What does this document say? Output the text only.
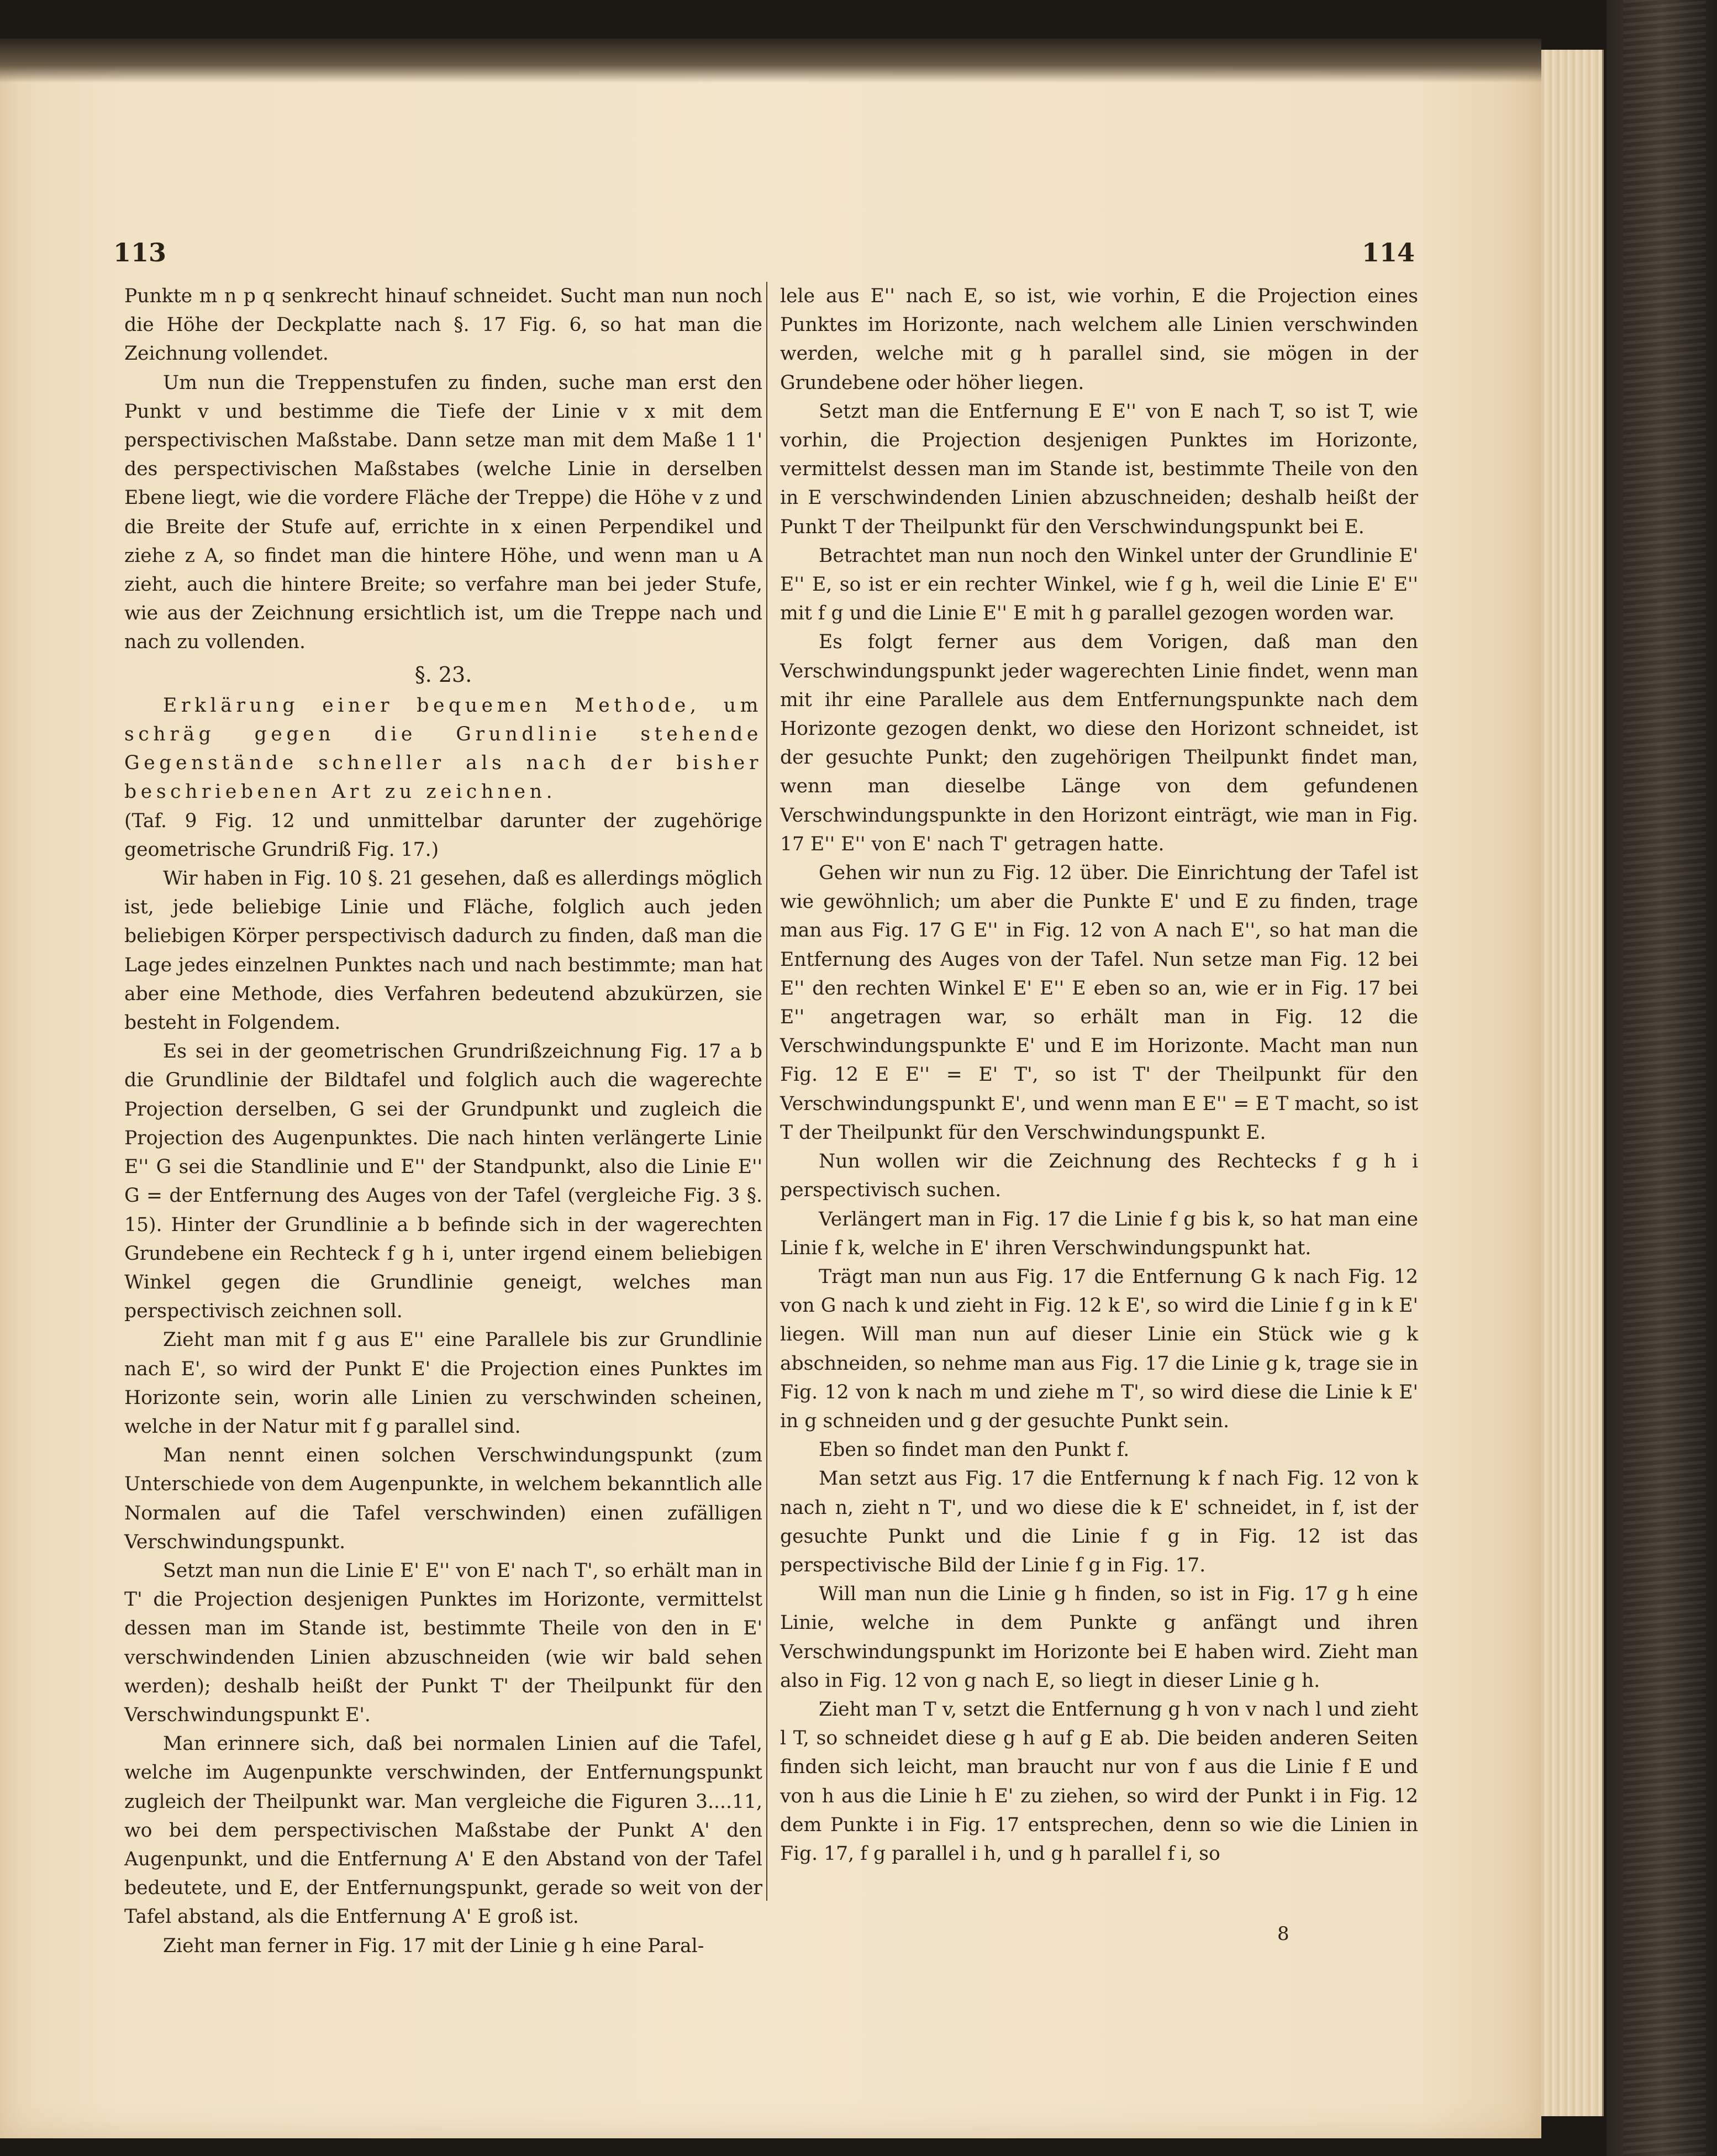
113	114

Punkte m n p q senkrecht hinauf schneidet. Sucht man nun noch die Höhe der Deckplatte nach §. 17 Fig. 6, so hat man die Zeichnung vollendet.

Um nun die Treppenstufen zu finden, suche man erst den Punkt v und bestimme die Tiefe der Linie v x mit dem perspectivischen Maßstabe. Dann setze man mit dem Maße 1 1' des perspectivischen Maßstabes (welche Linie in derselben Ebene liegt, wie die vordere Fläche der Treppe) die Höhe v z und die Breite der Stufe auf, errichte in x einen Perpendikel und ziehe z A, so findet man die hintere Höhe, und wenn man u A zieht, auch die hintere Breite; so verfahre man bei jeder Stufe, wie aus der Zeichnung ersichtlich ist, um die Treppe nach und nach zu vollenden.

§. 23.

Erklärung einer bequemen Methode, um schräg gegen die Grundlinie stehende Gegenstände schneller als nach der bisher beschriebenen Art zu zeichnen.

(Taf. 9 Fig. 12 und unmittelbar darunter der zugehörige geometrische Grundriß Fig. 17.)

Wir haben in Fig. 10 §. 21 gesehen, daß es allerdings möglich ist, jede beliebige Linie und Fläche, folglich auch jeden beliebigen Körper perspectivisch dadurch zu finden, daß man die Lage jedes einzelnen Punktes nach und nach bestimmte; man hat aber eine Methode, dies Verfahren bedeutend abzukürzen, sie besteht in Folgendem.

Es sei in der geometrischen Grundrißzeichnung Fig. 17 a b die Grundlinie der Bildtafel und folglich auch die wagerechte Projection derselben, G sei der Grundpunkt und zugleich die Projection des Augenpunktes. Die nach hinten verlängerte Linie E'' G sei die Standlinie und E'' der Standpunkt, also die Linie E'' G = der Entfernung des Auges von der Tafel (vergleiche Fig. 3 §. 15). Hinter der Grundlinie a b befinde sich in der wagerechten Grundebene ein Rechteck f g h i, unter irgend einem beliebigen Winkel gegen die Grundlinie geneigt, welches man perspectivisch zeichnen soll.

Zieht man mit f g aus E'' eine Parallele bis zur Grundlinie nach E', so wird der Punkt E' die Projection eines Punktes im Horizonte sein, worin alle Linien zu verschwinden scheinen, welche in der Natur mit f g parallel sind.

Man nennt einen solchen Verschwindungspunkt (zum Unterschiede von dem Augenpunkte, in welchem bekanntlich alle Normalen auf die Tafel verschwinden) einen zufälligen Verschwindungspunkt.

Setzt man nun die Linie E' E'' von E' nach T', so erhält man in T' die Projection desjenigen Punktes im Horizonte, vermittelst dessen man im Stande ist, bestimmte Theile von den in E' verschwindenden Linien abzuschneiden (wie wir bald sehen werden); deshalb heißt der Punkt T' der Theilpunkt für den Verschwindungspunkt E'.

Man erinnere sich, daß bei normalen Linien auf die Tafel, welche im Augenpunkte verschwinden, der Entfernungspunkt zugleich der Theilpunkt war. Man vergleiche die Figuren 3....11, wo bei dem perspectivischen Maßstabe der Punkt A' den Augenpunkt, und die Entfernung A' E den Abstand von der Tafel bedeutete, und E, der Entfernungspunkt, gerade so weit von der Tafel abstand, als die Entfernung A' E groß ist.

Zieht man ferner in Fig. 17 mit der Linie g h eine Paral-

lele aus E'' nach E, so ist, wie vorhin, E die Projection eines Punktes im Horizonte, nach welchem alle Linien verschwinden werden, welche mit g h parallel sind, sie mögen in der Grundebene oder höher liegen.

Setzt man die Entfernung E E'' von E nach T, so ist T, wie vorhin, die Projection desjenigen Punktes im Horizonte, vermittelst dessen man im Stande ist, bestimmte Theile von den in E verschwindenden Linien abzuschneiden; deshalb heißt der Punkt T der Theilpunkt für den Verschwindungspunkt bei E.

Betrachtet man nun noch den Winkel unter der Grundlinie E' E'' E, so ist er ein rechter Winkel, wie f g h, weil die Linie E' E'' mit f g und die Linie E'' E mit h g parallel gezogen worden war.

Es folgt ferner aus dem Vorigen, daß man den Verschwindungspunkt jeder wagerechten Linie findet, wenn man mit ihr eine Parallele aus dem Entfernungspunkte nach dem Horizonte gezogen denkt, wo diese den Horizont schneidet, ist der gesuchte Punkt; den zugehörigen Theilpunkt findet man, wenn man dieselbe Länge von dem gefundenen Verschwindungspunkte in den Horizont einträgt, wie man in Fig. 17 E'' E'' von E' nach T' getragen hatte.

Gehen wir nun zu Fig. 12 über. Die Einrichtung der Tafel ist wie gewöhnlich; um aber die Punkte E' und E zu finden, trage man aus Fig. 17 G E'' in Fig. 12 von A nach E'', so hat man die Entfernung des Auges von der Tafel. Nun setze man Fig. 12 bei E'' den rechten Winkel E' E'' E eben so an, wie er in Fig. 17 bei E'' angetragen war, so erhält man in Fig. 12 die Verschwindungspunkte E' und E im Horizonte. Macht man nun Fig. 12 E E'' = E' T', so ist T' der Theilpunkt für den Verschwindungspunkt E', und wenn man E E'' = E T macht, so ist T der Theilpunkt für den Verschwindungspunkt E.

Nun wollen wir die Zeichnung des Rechtecks f g h i perspectivisch suchen.

Verlängert man in Fig. 17 die Linie f g bis k, so hat man eine Linie f k, welche in E' ihren Verschwindungspunkt hat.

Trägt man nun aus Fig. 17 die Entfernung G k nach Fig. 12 von G nach k und zieht in Fig. 12 k E', so wird die Linie f g in k E' liegen. Will man nun auf dieser Linie ein Stück wie g k abschneiden, so nehme man aus Fig. 17 die Linie g k, trage sie in Fig. 12 von k nach m und ziehe m T', so wird diese die Linie k E' in g schneiden und g der gesuchte Punkt sein.

Eben so findet man den Punkt f.

Man setzt aus Fig. 17 die Entfernung k f nach Fig. 12 von k nach n, zieht n T', und wo diese die k E' schneidet, in f, ist der gesuchte Punkt und die Linie f g in Fig. 12 ist das perspectivische Bild der Linie f g in Fig. 17.

Will man nun die Linie g h finden, so ist in Fig. 17 g h eine Linie, welche in dem Punkte g anfängt und ihren Verschwindungspunkt im Horizonte bei E haben wird. Zieht man also in Fig. 12 von g nach E, so liegt in dieser Linie g h.

Zieht man T v, setzt die Entfernung g h von v nach l und zieht l T, so schneidet diese g h auf g E ab. Die beiden anderen Seiten finden sich leicht, man braucht nur von f aus die Linie f E und von h aus die Linie h E' zu ziehen, so wird der Punkt i in Fig. 12 dem Punkte i in Fig. 17 entsprechen, denn so wie die Linien in Fig. 17, f g parallel i h, und g h parallel f i, so

8
